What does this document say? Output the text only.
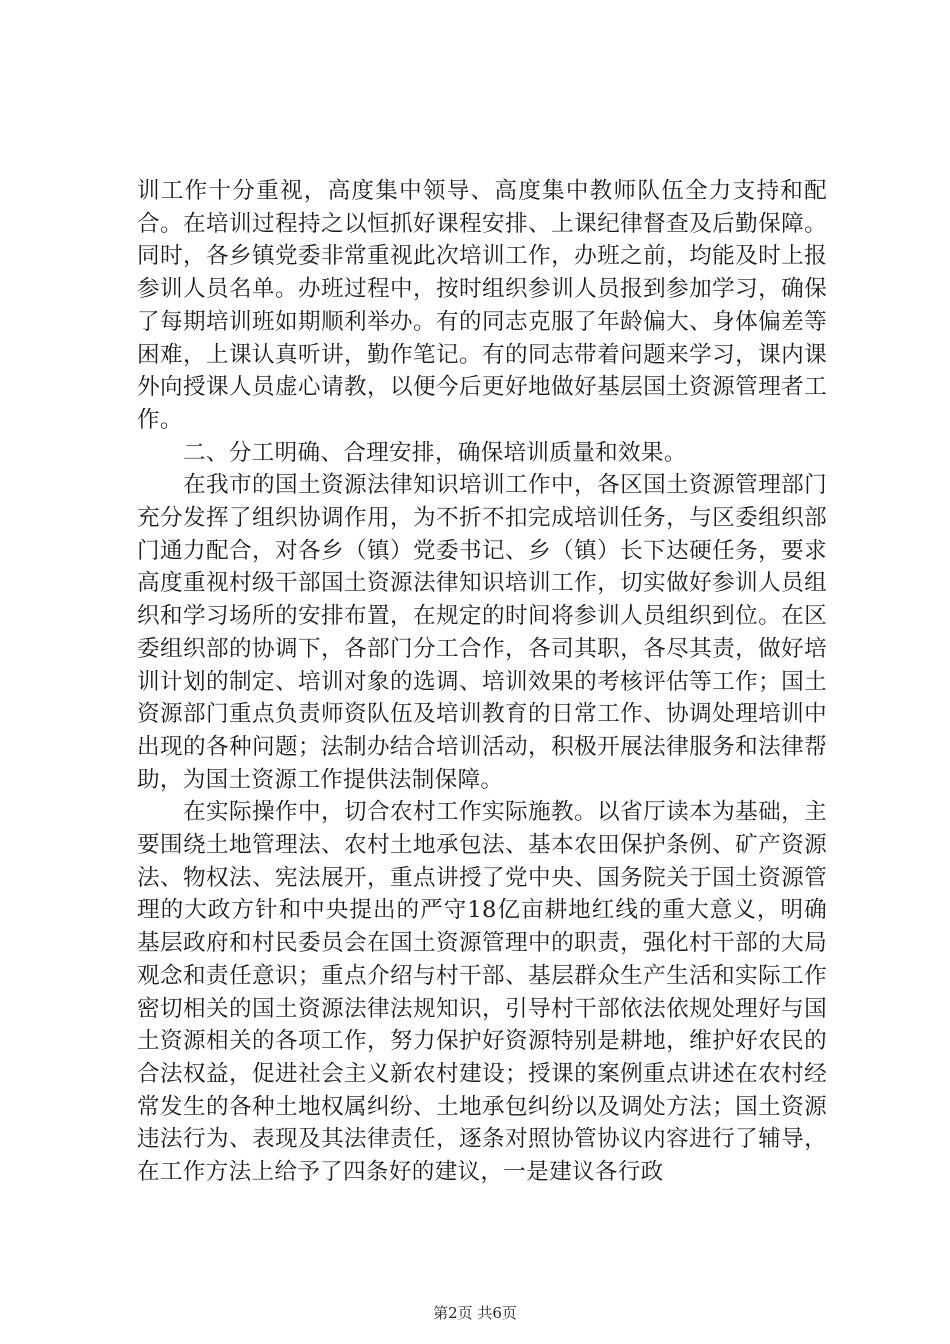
训工作十分重视，高度集中领导、高度集中教师队伍全力支持和配合。在培训过程持之以恒抓好课程安排、上课纪律督查及后勤保障。同时，各乡镇党委非常重视此次培训工作，办班之前，均能及时上报参训人员名单。办班过程中，按时组织参训人员报到参加学习，确保了每期培训班如期顺利举办。有的同志克服了年龄偏大、身体偏差等困难，上课认真听讲，勤作笔记。有的同志带着问题来学习，课内课外向授课人员虚心请教，以便今后更好地做好基层国土资源管理者工作。

二、分工明确、合理安排，确保培训质量和效果。

在我市的国土资源法律知识培训工作中，各区国土资源管理部门充分发挥了组织协调作用，为不折不扣完成培训任务，与区委组织部门通力配合，对各乡（镇）党委书记、乡（镇）长下达硬任务，要求高度重视村级干部国土资源法律知识培训工作，切实做好参训人员组织和学习场所的安排布置，在规定的时间将参训人员组织到位。在区委组织部的协调下，各部门分工合作，各司其职，各尽其责，做好培训计划的制定、培训对象的选调、培训效果的考核评估等工作；国土资源部门重点负责师资队伍及培训教育的日常工作、协调处理培训中出现的各种问题；法制办结合培训活动，积极开展法律服务和法律帮助，为国土资源工作提供法制保障。

在实际操作中，切合农村工作实际施教。以省厅读本为基础，主要围绕土地管理法、农村土地承包法、基本农田保护条例、矿产资源法、物权法、宪法展开，重点讲授了党中央、国务院关于国土资源管理的大政方针和中央提出的严守18亿亩耕地红线的重大意义，明确基层政府和村民委员会在国土资源管理中的职责，强化村干部的大局观念和责任意识；重点介绍与村干部、基层群众生产生活和实际工作密切相关的国土资源法律法规知识，引导村干部依法依规处理好与国土资源相关的各项工作，努力保护好资源特别是耕地，维护好农民的合法权益，促进社会主义新农村建设；授课的案例重点讲述在农村经常发生的各种土地权属纠纷、土地承包纠纷以及调处方法；国土资源违法行为、表现及其法律责任，逐条对照协管协议内容进行了辅导，在工作方法上给予了四条好的建议，一是建议各行政

第2页 共6页
